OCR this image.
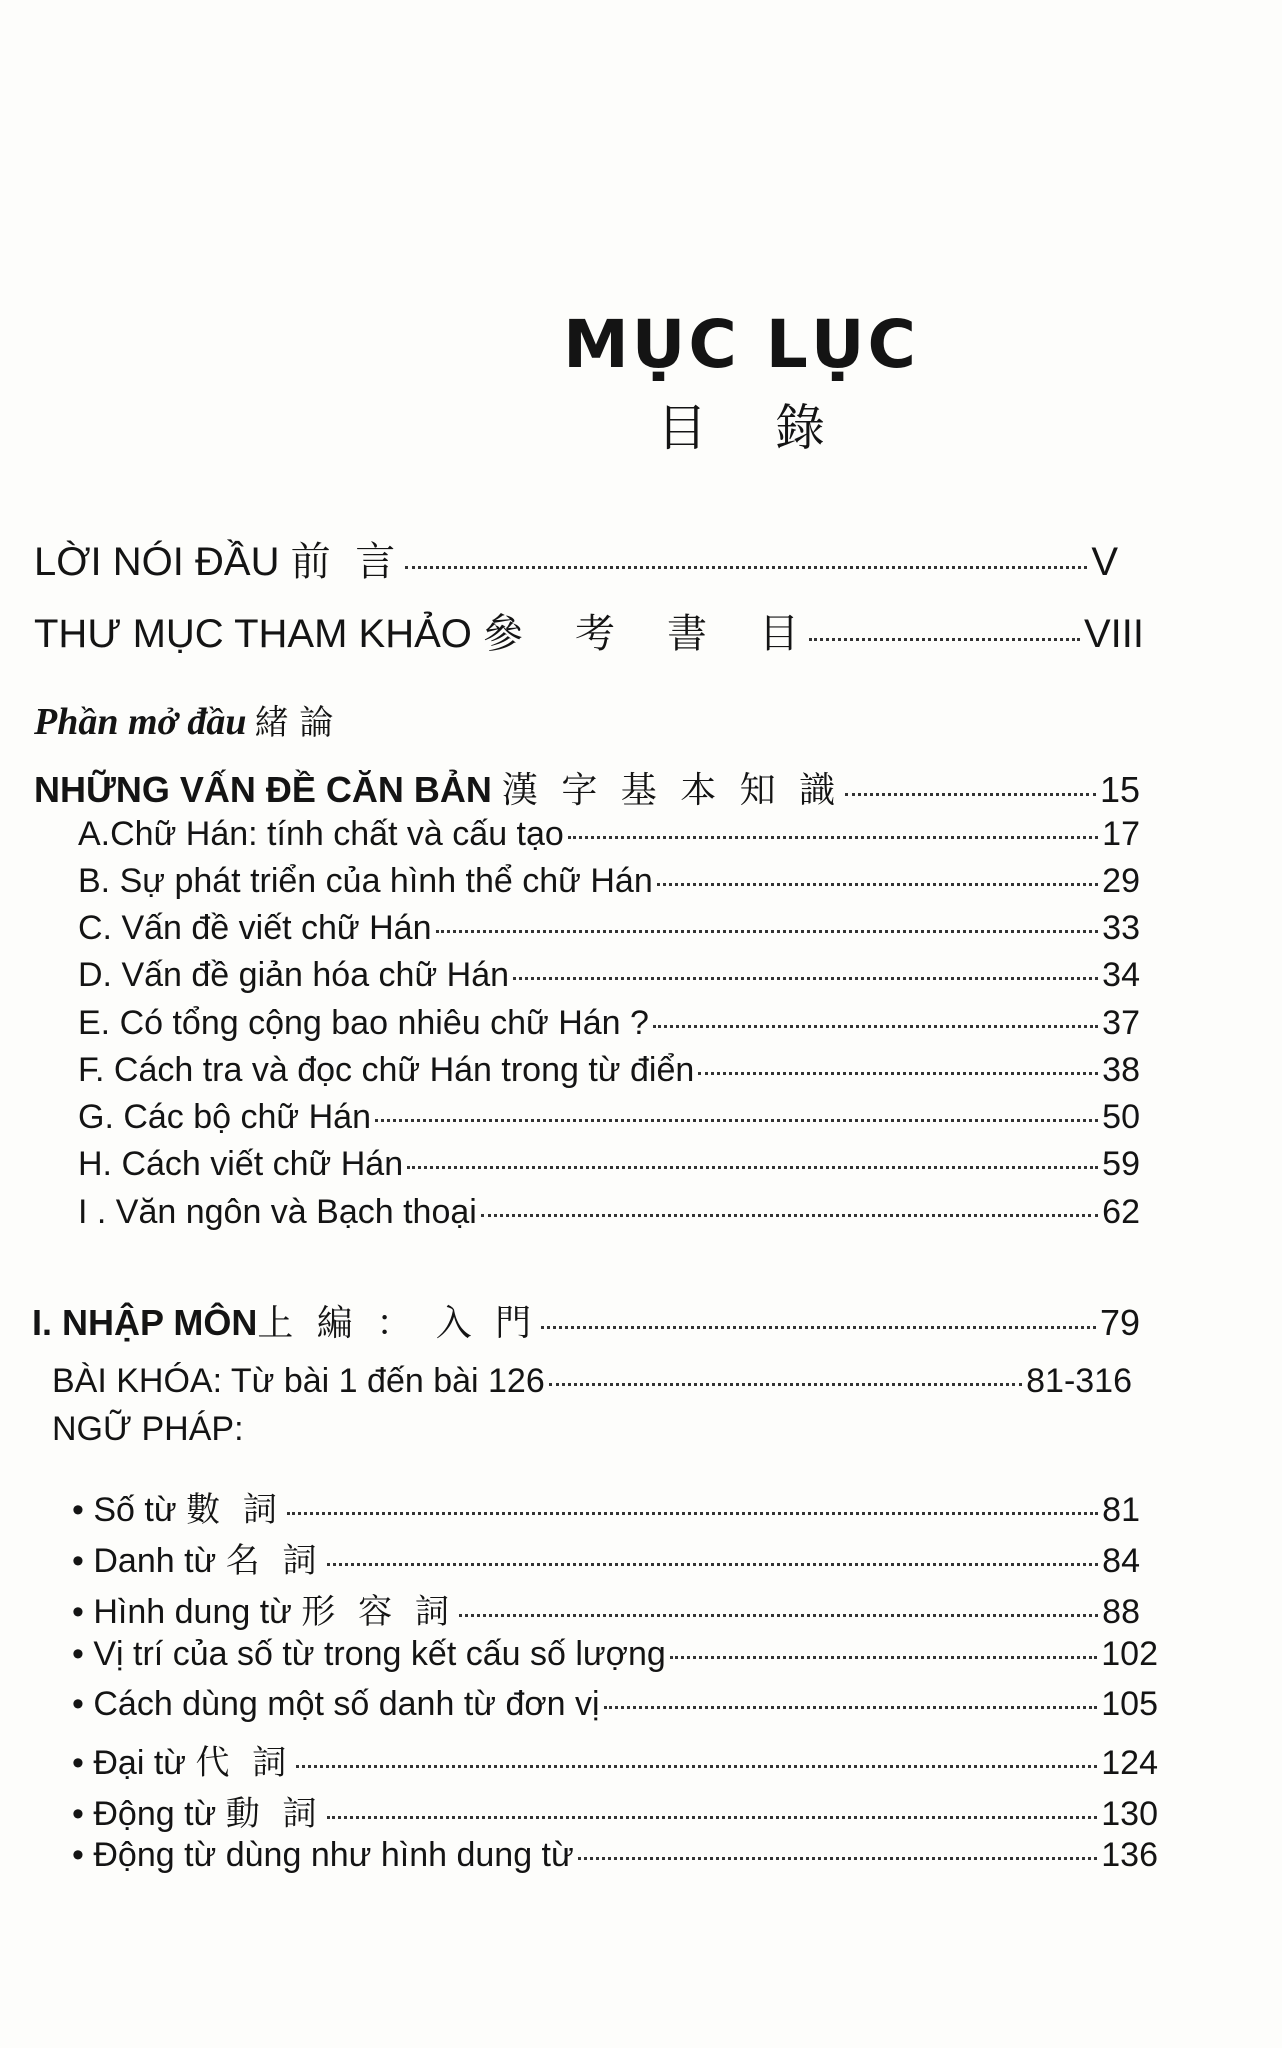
MỤC LỤC
目 錄
LỜI NÓI ĐẦU 前 言	V
THƯ MỤC THAM KHẢO 參　考　書　目	VIII
Phần mở đầu 緒 論
NHỮNG VẤN ĐỀ CĂN BẢN 漢 字 基 本 知 識	15
A.Chữ Hán: tính chất và cấu tạo	17
B. Sự phát triển của hình thể chữ Hán	29
C. Vấn đề viết chữ Hán	33
D. Vấn đề giản hóa chữ Hán	34
E. Có tổng cộng bao nhiêu chữ Hán ?	37
F. Cách tra và đọc chữ Hán trong từ điển	38
G. Các bộ chữ Hán	50
H. Cách viết chữ Hán	59
I . Văn ngôn và Bạch thoại	62
I. NHẬP MÔN上 編 ： 入 門	79
BÀI KHÓA: Từ bài 1 đến bài 126	81-316
NGỮ PHÁP:
• Số từ 數 詞	81
• Danh từ 名 詞	84
• Hình dung từ 形 容 詞	88
• Vị trí của số từ trong kết cấu số lượng	102
• Cách dùng một số danh từ đơn vị	105
• Đại từ 代 詞	124
• Động từ 動 詞	130
• Động từ dùng như hình dung từ	136
